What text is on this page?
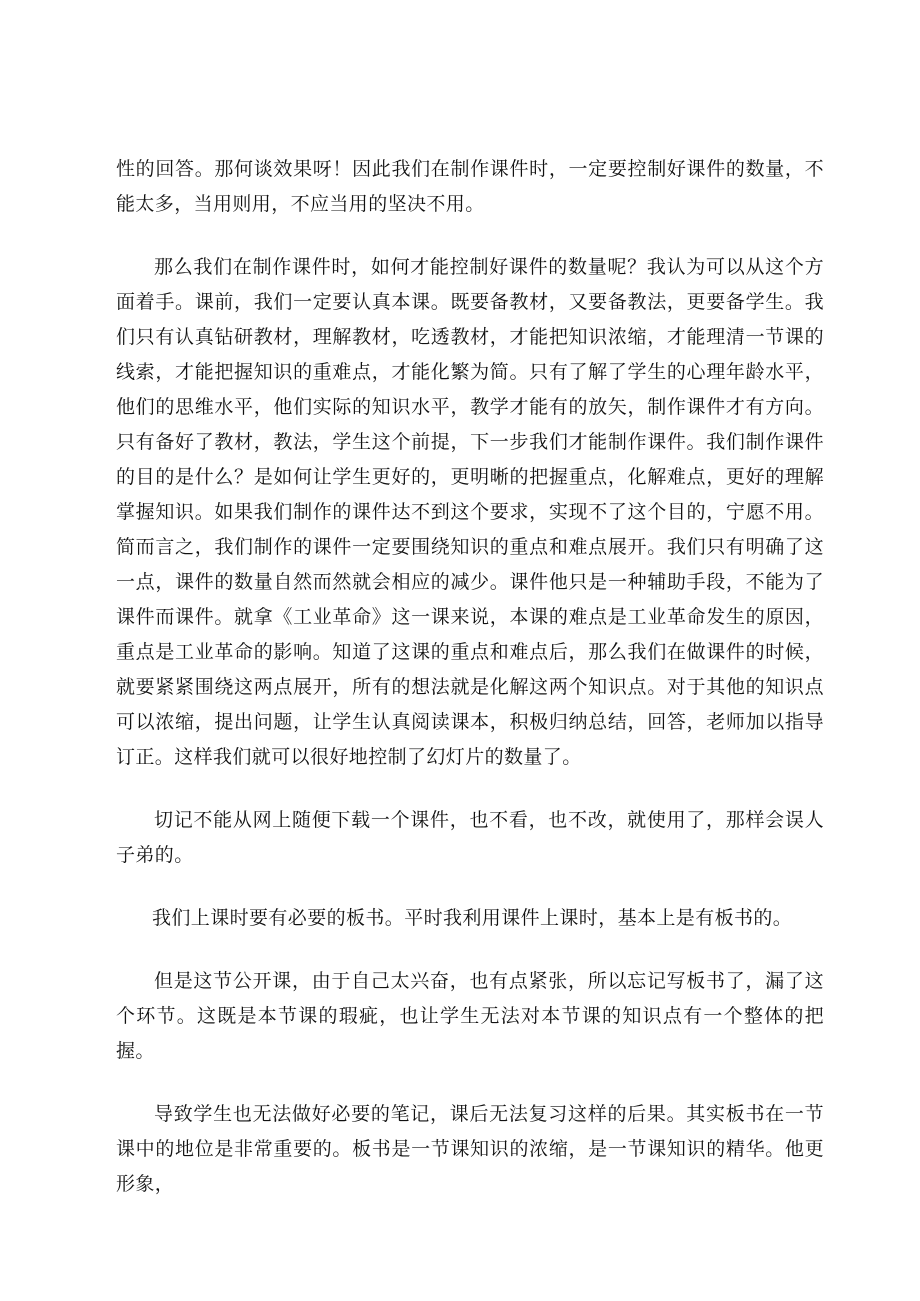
性的回答。那何谈效果呀！因此我们在制作课件时，一定要控制好课件的数量，不能太多，当用则用，不应当用的坚决不用。

那么我们在制作课件时，如何才能控制好课件的数量呢？我认为可以从这个方面着手。课前，我们一定要认真本课。既要备教材，又要备教法，更要备学生。我们只有认真钻研教材，理解教材，吃透教材，才能把知识浓缩，才能理清一节课的线索，才能把握知识的重难点，才能化繁为简。只有了解了学生的心理年龄水平，他们的思维水平，他们实际的知识水平，教学才能有的放矢，制作课件才有方向。只有备好了教材，教法，学生这个前提，下一步我们才能制作课件。我们制作课件的目的是什么？是如何让学生更好的，更明晰的把握重点，化解难点，更好的理解掌握知识。如果我们制作的课件达不到这个要求，实现不了这个目的，宁愿不用。简而言之，我们制作的课件一定要围绕知识的重点和难点展开。我们只有明确了这一点，课件的数量自然而然就会相应的减少。课件他只是一种辅助手段，不能为了课件而课件。就拿《工业革命》这一课来说，本课的难点是工业革命发生的原因，重点是工业革命的影响。知道了这课的重点和难点后，那么我们在做课件的时候，就要紧紧围绕这两点展开，所有的想法就是化解这两个知识点。对于其他的知识点可以浓缩，提出问题，让学生认真阅读课本，积极归纳总结，回答，老师加以指导订正。这样我们就可以很好地控制了幻灯片的数量了。

切记不能从网上随便下载一个课件，也不看，也不改，就使用了，那样会误人子弟的。

我们上课时要有必要的板书。平时我利用课件上课时，基本上是有板书的。

但是这节公开课，由于自己太兴奋，也有点紧张，所以忘记写板书了，漏了这个环节。这既是本节课的瑕疵，也让学生无法对本节课的知识点有一个整体的把握。

导致学生也无法做好必要的笔记，课后无法复习这样的后果。其实板书在一节课中的地位是非常重要的。板书是一节课知识的浓缩，是一节课知识的精华。他更形象，
